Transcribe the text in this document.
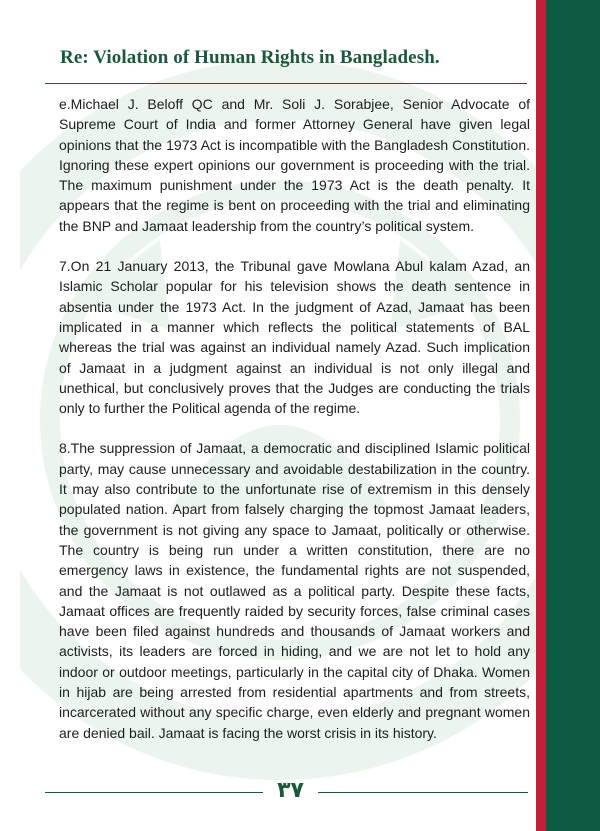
Re: Violation of Human Rights in Bangladesh.

e.Michael J. Beloff QC and Mr. Soli J. Sorabjee, Senior Advocate of Supreme Court of India and former Attorney General have given legal opinions that the 1973 Act is incompatible with the Bangladesh Constitution. Ignoring these expert opinions our government is proceeding with the trial. The maximum punishment under the 1973 Act is the death penalty. It appears that the regime is bent on proceeding with the trial and eliminating the BNP and Jamaat leadership from the country’s political system.

7.On 21 January 2013, the Tribunal gave Mowlana Abul kalam Azad, an Islamic Scholar popular for his television shows the death sentence in absentia under the 1973 Act. In the judgment of Azad, Jamaat has been implicated in a manner which reflects the political statements of BAL whereas the trial was against an individual namely Azad. Such implication of Jamaat in a judgment against an individual is not only illegal and unethical, but conclusively proves that the Judges are conducting the trials only to further the Political agenda of the regime.

8.The suppression of Jamaat, a democratic and disciplined Islamic political party, may cause unnecessary and avoidable destabilization in the country. It may also contribute to the unfortunate rise of extremism in this densely populated nation. Apart from falsely charging the topmost Jamaat leaders, the government is not giving any space to Jamaat, politically or otherwise. The country is being run under a written constitution, there are no emergency laws in existence, the fundamental rights are not suspended, and the Jamaat is not outlawed as a political party. Despite these facts, Jamaat offices are frequently raided by security forces, false criminal cases have been filed against hundreds and thousands of Jamaat workers and activists, its leaders are forced in hiding, and we are not let to hold any indoor or outdoor meetings, particularly in the capital city of Dhaka. Women in hijab are being arrested from residential apartments and from streets, incarcerated without any specific charge, even elderly and pregnant women are denied bail. Jamaat is facing the worst crisis in its history.

٣٧
